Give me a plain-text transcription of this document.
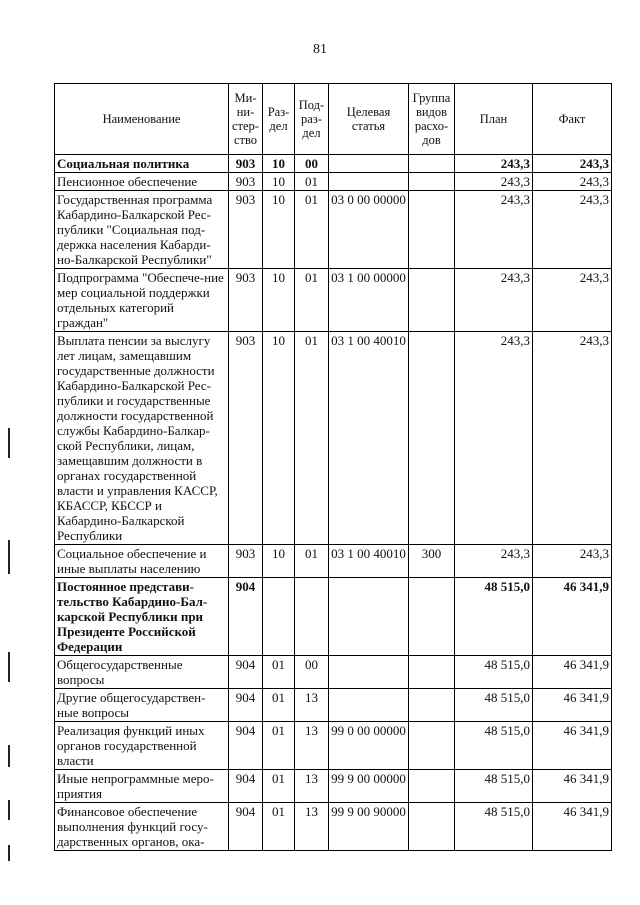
81
Наименование	Ми-ни-стер-ство	Раз-дел	Под-раз-дел	Целевая статья	Группа видов расхо-дов	План	Факт
Социальная политика	903	10	00			243,3	243,3
Пенсионное обеспечение	903	10	01			243,3	243,3
Государственная программа Кабардино-Балкарской Рес-публики "Социальная под-держка населения Кабарди-но-Балкарской Республики"	903	10	01	03 0 00 00000		243,3	243,3
Подпрограмма "Обеспече-ние мер социальной поддержки отдельных категорий граждан"	903	10	01	03 1 00 00000		243,3	243,3
Выплата пенсии за выслугу лет лицам, замещавшим государственные должности Кабардино-Балкарской Рес-публики и государственные должности государственной службы Кабардино-Балкар-ской Республики, лицам, замещавшим должности в органах государственной власти и управления КАССР, КБАССР, КБССР и Кабардино-Балкарской Республики	903	10	01	03 1 00 40010		243,3	243,3
Социальное обеспечение и иные выплаты населению	903	10	01	03 1 00 40010	300	243,3	243,3
Постоянное представи-тельство Кабардино-Бал-карской Республики при Президенте Российской Федерации	904					48 515,0	46 341,9
Общегосударственные вопросы	904	01	00			48 515,0	46 341,9
Другие общегосударствен-ные вопросы	904	01	13			48 515,0	46 341,9
Реализация функций иных органов государственной власти	904	01	13	99 0 00 00000		48 515,0	46 341,9
Иные непрограммные меро-приятия	904	01	13	99 9 00 00000		48 515,0	46 341,9
Финансовое обеспечение выполнения функций госу-дарственных органов, ока-	904	01	13	99 9 00 90000		48 515,0	46 341,9
